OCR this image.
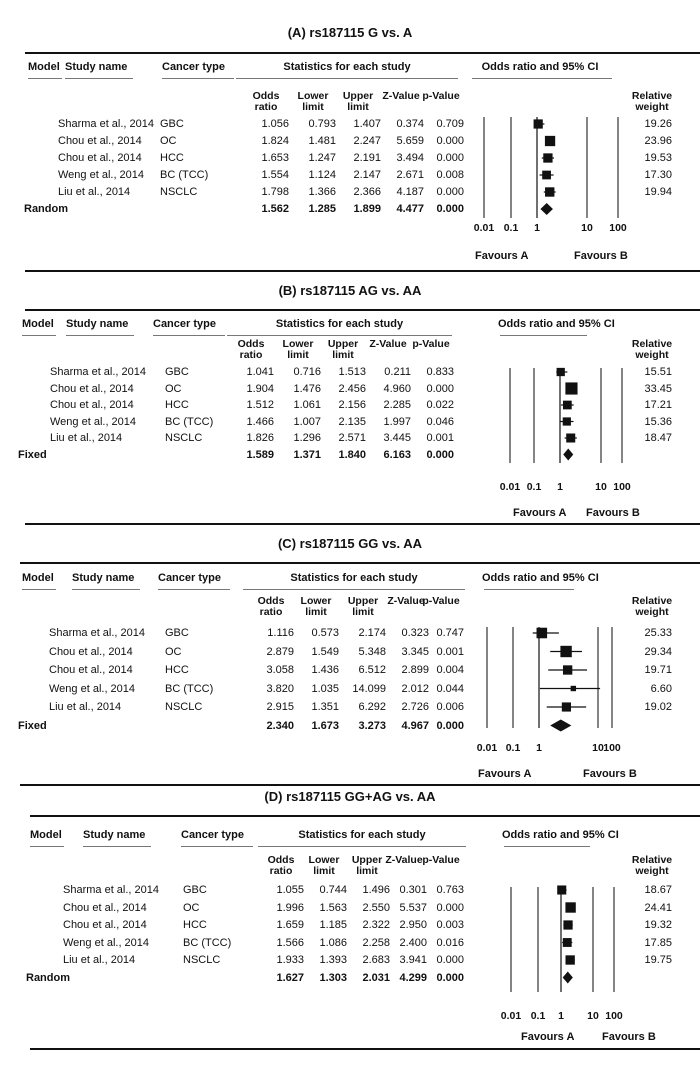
(A) rs187115 G vs. A
Model Study name	Cancer type	Statistics for each study	Odds ratio and 95% CI
Odds
ratio
Lower
limit
Upper
limit
Z-Value p-Value	Relative
weight
Sharma et al., 2014 GBC	1.056	0.793	1.407	0.374	0.709	19.26
Chou et al., 2014 OC	1.824	1.481	2.247	5.659	0.000	23.96
Chou et al., 2014 HCC	1.653	1.247	2.191	3.494	0.000	19.53
Weng et al., 2014 BC (TCC)	1.554	1.124	2.147	2.671	0.008	17.30
Liu et al., 2014	NSCLC	1.798	1.366	2.366	4.187	0.000	19.94
Random	1.562	1.285	1.899	4.477	0.000
0.01 0.1 1	10 100
Favours A	Favours B
(B) rs187115 AG vs. AA
Model Study name Cancer type	Statistics for each study	Odds ratio and 95% CI
Odds
ratio
Lower
limit
Upper
limit
Z-Value p-Value	Relative
weight
Sharma et al., 2014 GBC	1.041	0.716	1.513	0.211	0.833	15.51
Chou et al., 2014	OC	1.904	1.476	2.456	4.960	0.000	33.45
Chou et al., 2014	HCC	1.512	1.061	2.156	2.285	0.022	17.21
Weng et al., 2014	BC (TCC)	1.466	1.007	2.135	1.997	0.046	15.36
Liu et al., 2014	NSCLC	1.826	1.296	2.571	3.445	0.001	18.47
Fixed	1.589	1.371	1.840	6.163	0.000
0.01 0.1 1	10 100
Favours A Favours B
(C) rs187115 GG vs. AA
Model Study name Cancer type	Statistics for each study	Odds ratio and 95% CI
Odds
ratio
Lower
limit
Upper
limit
Z-Value
p-Value	Relative
weight
Sharma et al., 2014 GBC	1.116	0.573	2.174	0.323 0.747	25.33
Chou et al., 2014	OC	2.879	1.549	5.348	3.345 0.001	29.34
Chou et al., 2014	HCC	3.058	1.436	6.512	2.899 0.004	19.71
Weng et al., 2014	BC (TCC)	3.820	1.035	14.099	2.012 0.044	6.60
Liu et al., 2014	NSCLC	2.915	1.351	6.292	2.726 0.006	19.02
Fixed	2.340	1.673	3.273	4.967 0.000
0.01 0.1 1	10 100
Favours A	Favours B
(D) rs187115 GG+AG vs. AA
Model Study name	Cancer type	Statistics for each study	Odds ratio and 95% CI
Odds
ratio
Lower
limit
Upper
limit
Z-Value p-Value	Relative
weight
Sharma et al., 2014 GBC	1.055	0.744	1.496 0.301 0.763	18.67
Chou et al., 2014	OC	1.996	1.563	2.550 5.537 0.000	24.41
Chou et al., 2014	HCC	1.659	1.185	2.322 2.950 0.003	19.32
Weng et al., 2014	BC (TCC)	1.566	1.086	2.258 2.400 0.016	17.85
Liu et al., 2014	NSCLC	1.933	1.393	2.683 3.941 0.000	19.75
Random	1.627	1.303	2.031 4.299 0.000
0.01 0.1 1 10 100
Favours A	Favours B
